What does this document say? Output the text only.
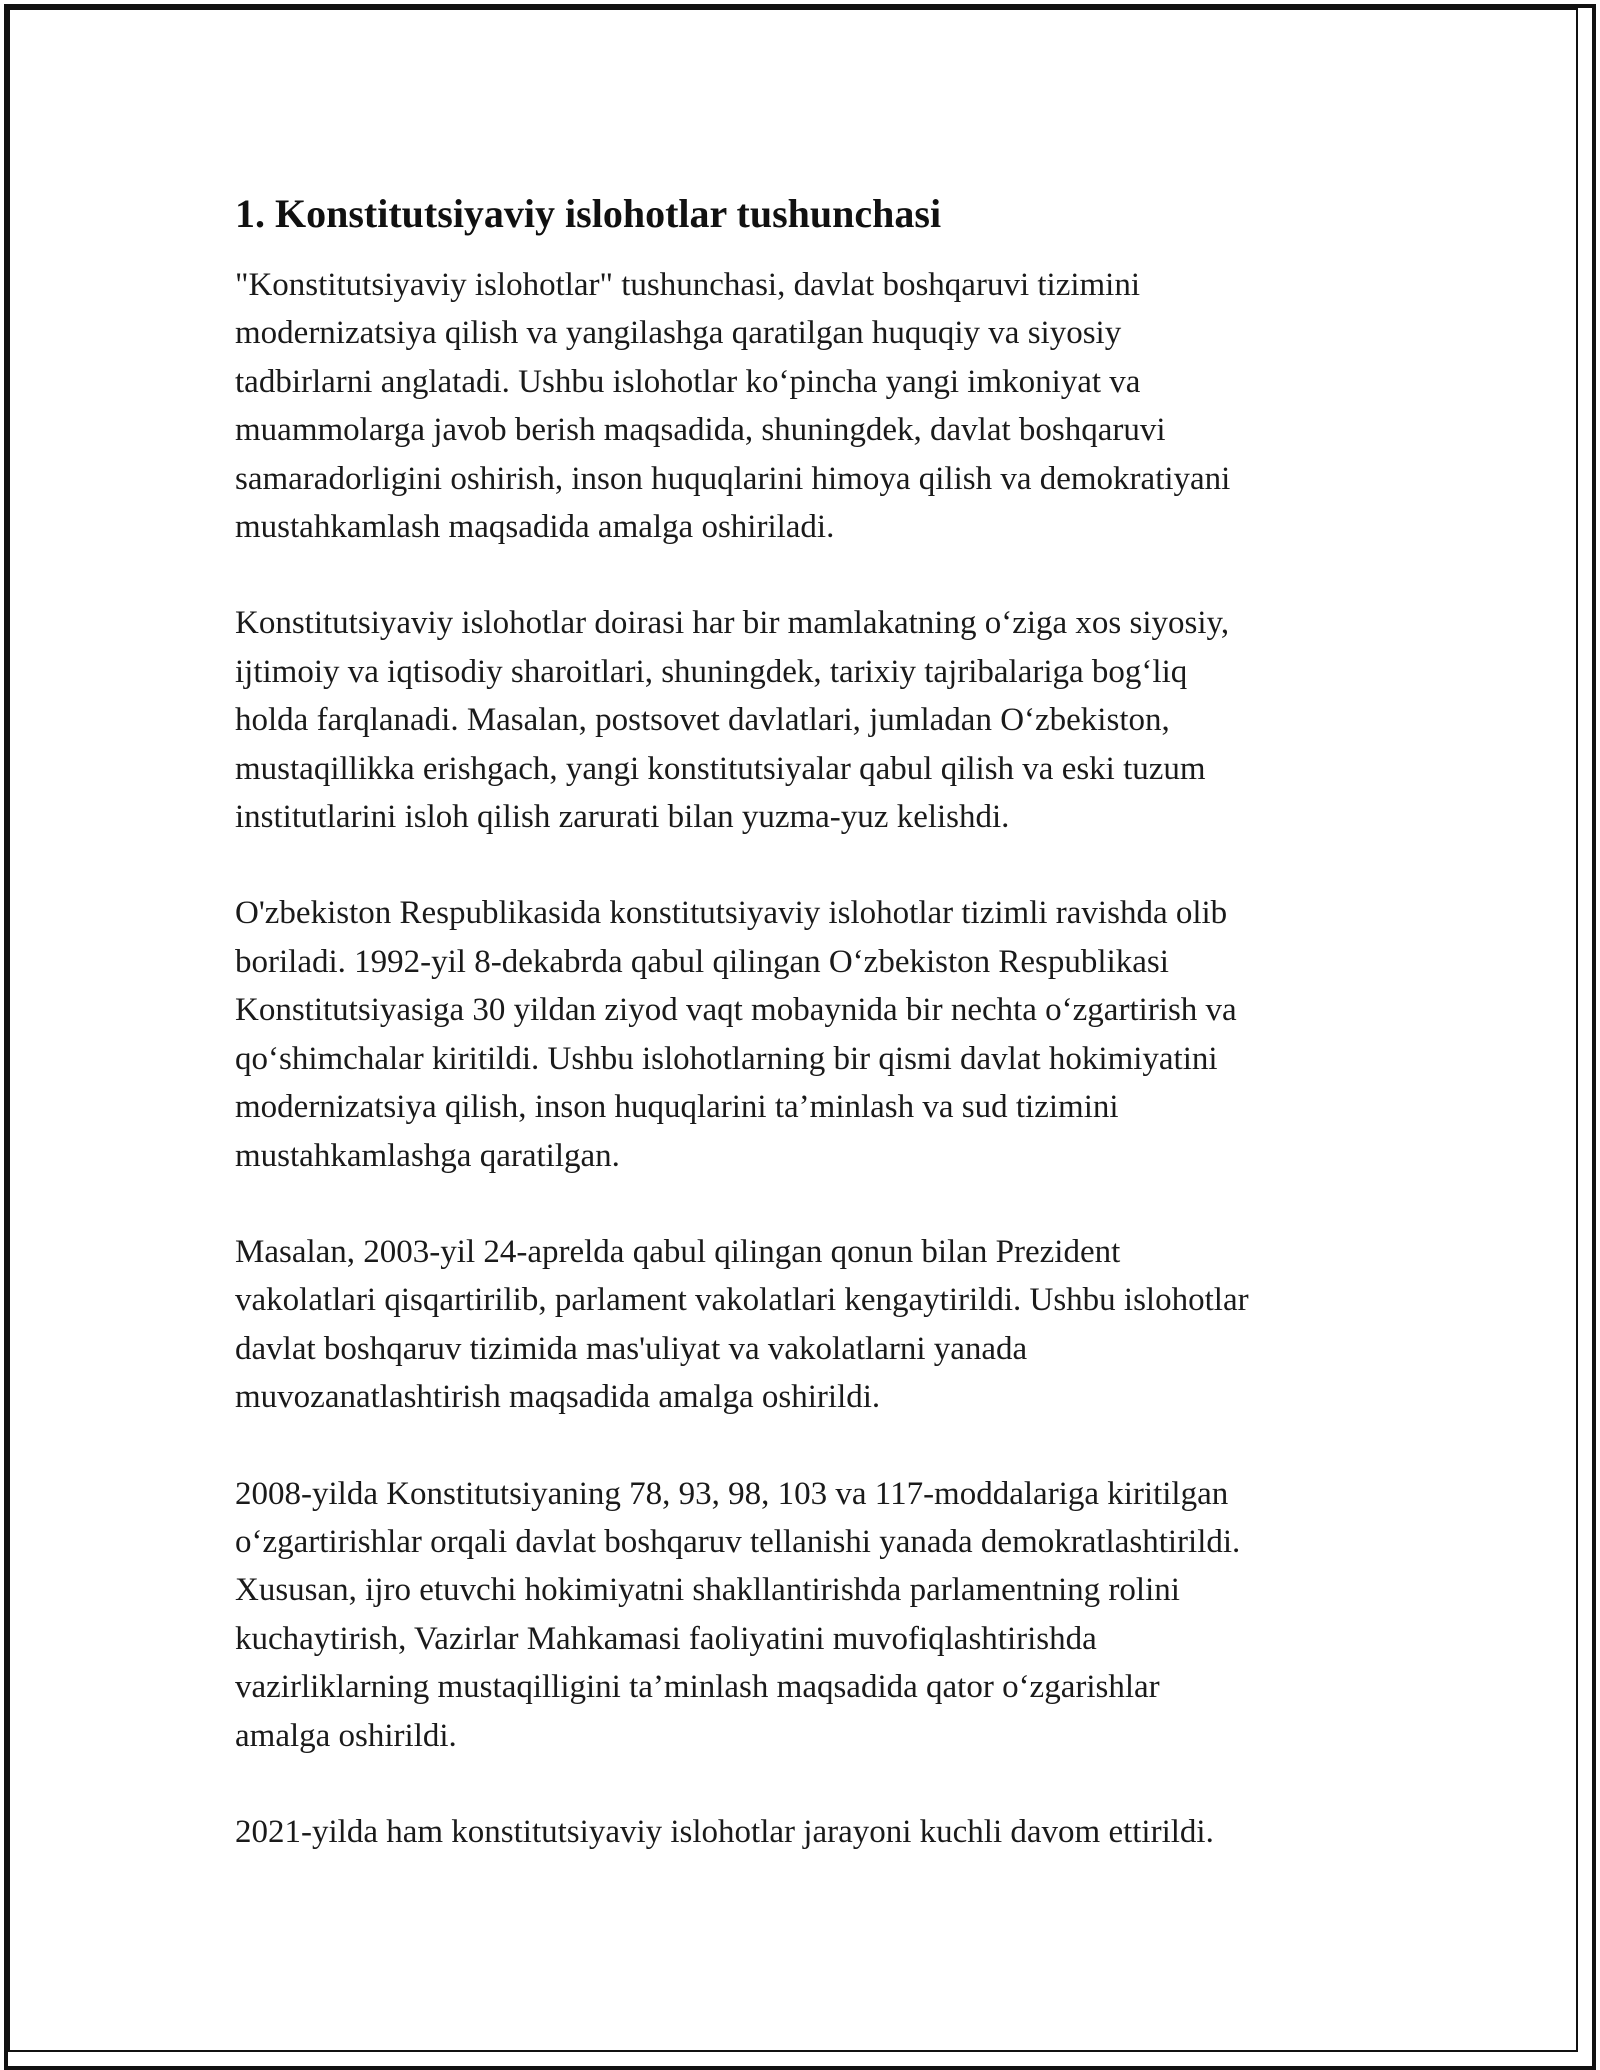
1. Konstitutsiyaviy islohotlar tushunchasi

"Konstitutsiyaviy islohotlar" tushunchasi, davlat boshqaruvi tizimini
modernizatsiya qilish va yangilashga qaratilgan huquqiy va siyosiy
tadbirlarni anglatadi. Ushbu islohotlar koʻpincha yangi imkoniyat va
muammolarga javob berish maqsadida, shuningdek, davlat boshqaruvi
samaradorligini oshirish, inson huquqlarini himoya qilish va demokratiyani
mustahkamlash maqsadida amalga oshiriladi.

Konstitutsiyaviy islohotlar doirasi har bir mamlakatning oʻziga xos siyosiy,
ijtimoiy va iqtisodiy sharoitlari, shuningdek, tarixiy tajribalariga bogʻliq
holda farqlanadi. Masalan, postsovet davlatlari, jumladan Oʻzbekiston,
mustaqillikka erishgach, yangi konstitutsiyalar qabul qilish va eski tuzum
institutlarini isloh qilish zarurati bilan yuzma-yuz kelishdi.

O'zbekiston Respublikasida konstitutsiyaviy islohotlar tizimli ravishda olib
boriladi. 1992-yil 8-dekabrda qabul qilingan Oʻzbekiston Respublikasi
Konstitutsiyasiga 30 yildan ziyod vaqt mobaynida bir nechta oʻzgartirish va
qoʻshimchalar kiritildi. Ushbu islohotlarning bir qismi davlat hokimiyatini
modernizatsiya qilish, inson huquqlarini ta’minlash va sud tizimini
mustahkamlashga qaratilgan.

Masalan, 2003-yil 24-aprelda qabul qilingan qonun bilan Prezident
vakolatlari qisqartirilib, parlament vakolatlari kengaytirildi. Ushbu islohotlar
davlat boshqaruv tizimida mas'uliyat va vakolatlarni yanada
muvozanatlashtirish maqsadida amalga oshirildi.

2008-yilda Konstitutsiyaning 78, 93, 98, 103 va 117-moddalariga kiritilgan
oʻzgartirishlar orqali davlat boshqaruv tellanishi yanada demokratlashtirildi.
Xususan, ijro etuvchi hokimiyatni shakllantirishda parlamentning rolini
kuchaytirish, Vazirlar Mahkamasi faoliyatini muvofiqlashtirishda
vazirliklarning mustaqilligini ta’minlash maqsadida qator oʻzgarishlar
amalga oshirildi.

2021-yilda ham konstitutsiyaviy islohotlar jarayoni kuchli davom ettirildi.
